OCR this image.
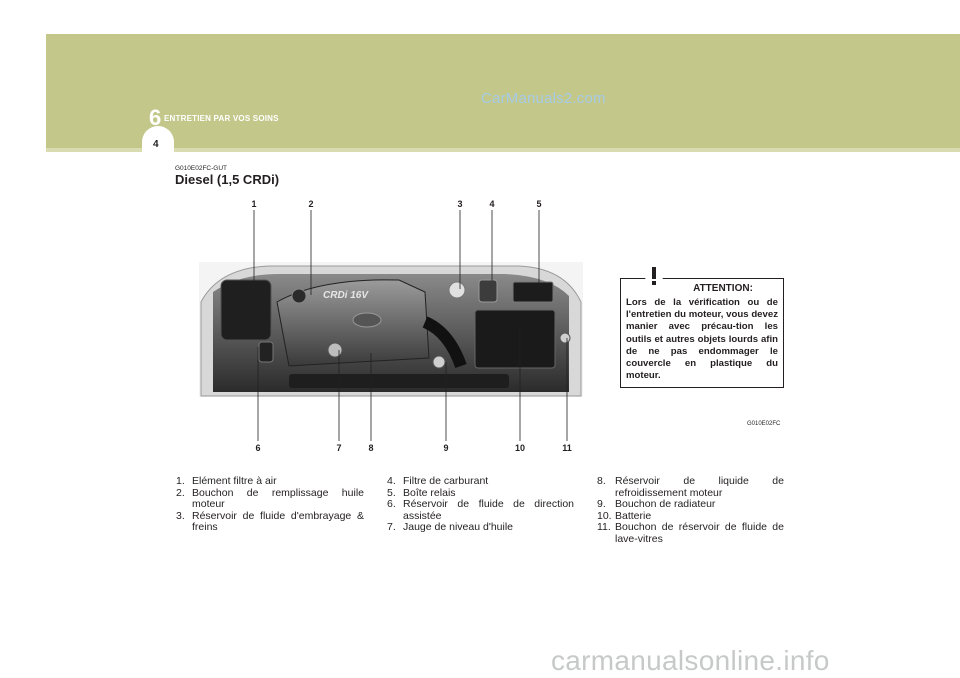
6 ENTRETIEN PAR VOS SOINS
4
CarManuals2.com
G010E02FC-GUT
Diesel (1,5 CRDi)
1	2	3	4	5
6	7	8	9	10	11
CRDi 16V
ATTENTION:
Lors de la vérification ou de l'entretien du moteur, vous devez manier avec précau-tion les outils et autres objets lourds afin de ne pas endommager le couvercle en plastique du moteur.
G010E02FC
1. Elément filtre à air
2. Bouchon de remplissage huile moteur
3. Réservoir de fluide d'embrayage & freins
4. Filtre de carburant
5. Boîte relais
6. Réservoir de fluide de direction assistée
7. Jauge de niveau d'huile
8. Réservoir de liquide de refroidissement moteur
9. Bouchon de radiateur
10. Batterie
11. Bouchon de réservoir de fluide de lave-vitres
carmanualsonline.info
